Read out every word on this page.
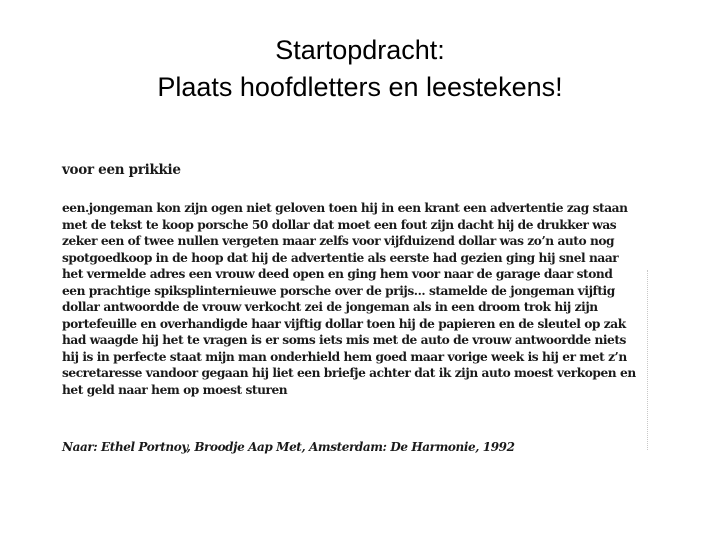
Startopdracht:
Plaats hoofdletters en leestekens!
voor een prikkie
een.jongeman kon zijn ogen niet geloven toen hij in een krant een advertentie zag staan
met de tekst te koop porsche 50 dollar dat moet een fout zijn dacht hij de drukker was
zeker een of twee nullen vergeten maar zelfs voor vijfduizend dollar was zo’n auto nog
spotgoedkoop in de hoop dat hij de advertentie als eerste had gezien ging hij snel naar
het vermelde adres een vrouw deed open en ging hem voor naar de garage daar stond
een prachtige spiksplinternieuwe porsche over de prijs... stamelde de jongeman vijftig
dollar antwoordde de vrouw verkocht zei de jongeman als in een droom trok hij zijn
portefeuille en overhandigde haar vijftig dollar toen hij de papieren en de sleutel op zak
had waagde hij het te vragen is er soms iets mis met de auto de vrouw antwoordde niets
hij is in perfecte staat mijn man onderhield hem goed maar vorige week is hij er met z’n
secretaresse vandoor gegaan hij liet een briefje achter dat ik zijn auto moest verkopen en
het geld naar hem op moest sturen
Naar: Ethel Portnoy, Broodje Aap Met, Amsterdam: De Harmonie, 1992
